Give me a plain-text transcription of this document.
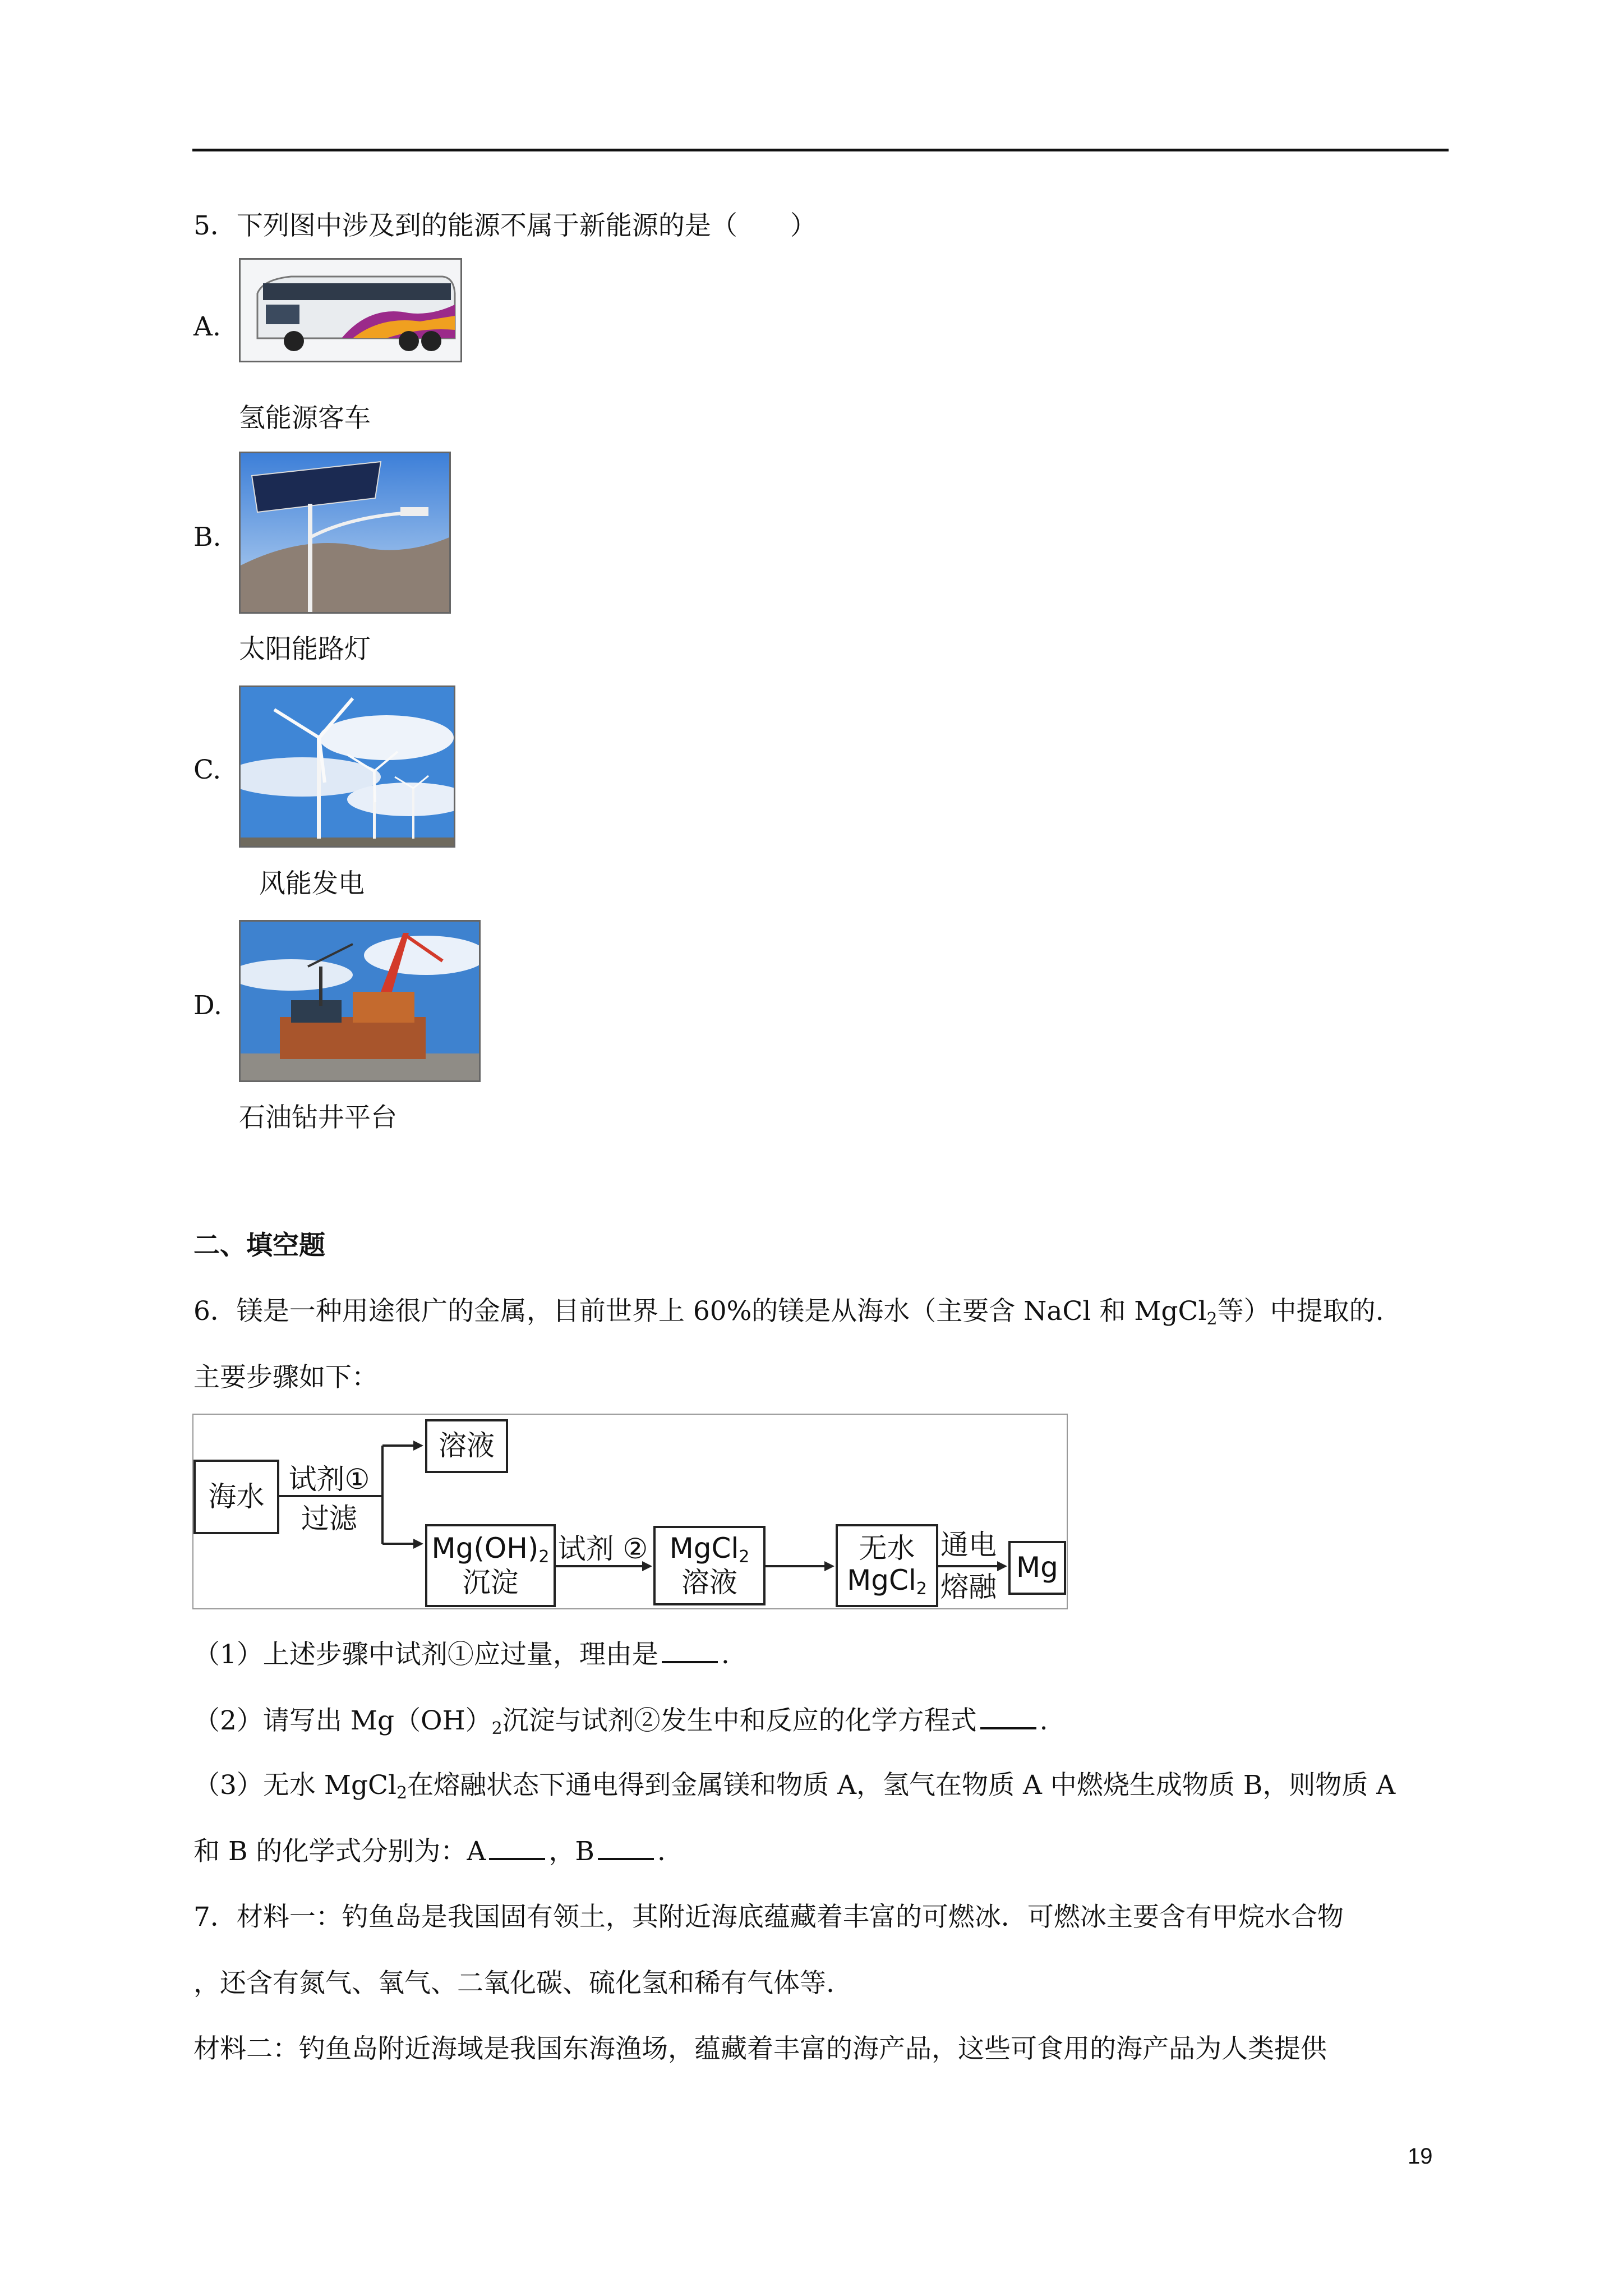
5．下列图中涉及到的能源不属于新能源的是（　　）
A.
氢能源客车
B.
太阳能路灯
C.
风能发电
D.
石油钻井平台
二、填空题
6．镁是一种用途很广的金属，目前世界上 60%的镁是从海水（主要含 NaCl 和 MgCl$_2$等）中提取的.
主要步骤如下：
海水
试剂①
过滤
溶液
$Mg(OH)_2$
沉淀
试剂 ② MgCl$_2$
溶液
无水
MgCl$_2$
通电
熔融
Mg
（1）上述步骤中试剂①应过量，理由是 .
（2）请写出 $Mg(OH)_2$沉淀与试剂②发生中和反应的化学方程式 .
（3）无水 MgCl$_2$在熔融状态下通电得到金属镁和物质 A，氢气在物质 A 中燃烧生成物质 B，则物质 A
和 B 的化学式分别为：A ，B .
7．材料一：钓鱼岛是我国固有领土，其附近海底蕴藏着丰富的可燃冰．可燃冰主要含有甲烷水合物
，还含有氮气、氧气、二氧化碳、硫化氢和稀有气体等.
材料二：钓鱼岛附近海域是我国东海渔场，蕴藏着丰富的海产品，这些可食用的海产品为人类提供
19
